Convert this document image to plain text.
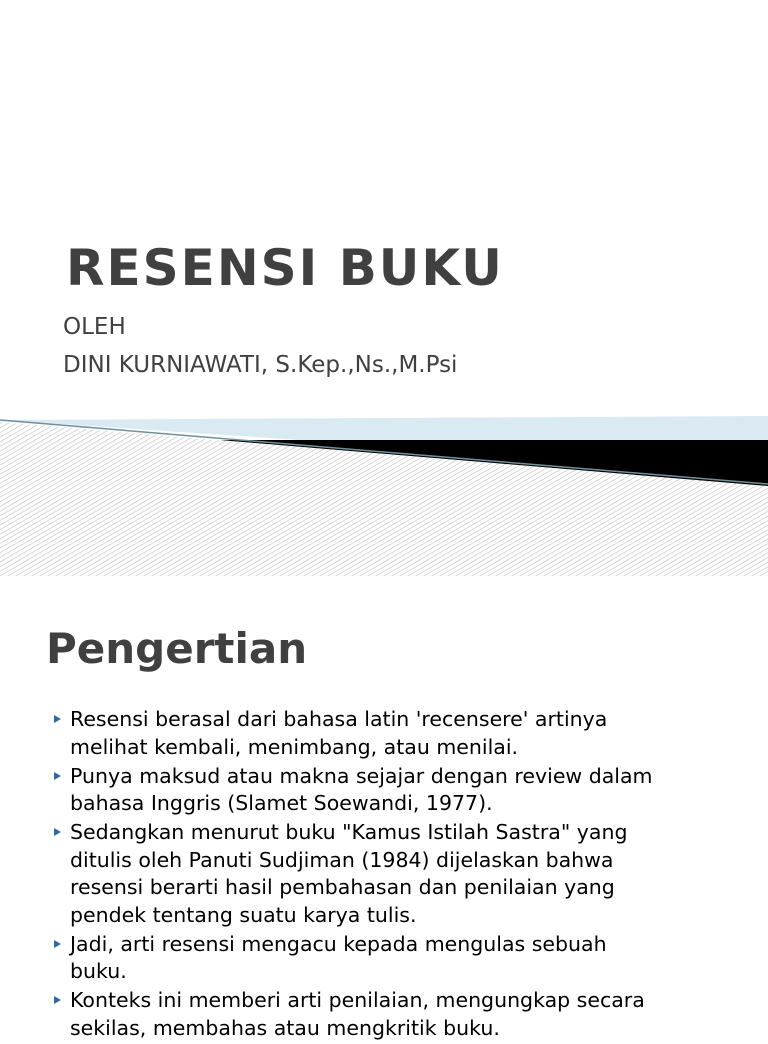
RESENSI BUKU
OLEH
DINI KURNIAWATI, S.Kep.,Ns.,M.Psi
Pengertian
Resensi berasal dari bahasa latin 'recensere' artinya
melihat kembali, menimbang, atau menilai.
Punya maksud atau makna sejajar dengan review dalam
bahasa Inggris (Slamet Soewandi, 1977).
Sedangkan menurut buku "Kamus Istilah Sastra" yang
ditulis oleh Panuti Sudjiman (1984) dijelaskan bahwa
resensi berarti hasil pembahasan dan penilaian yang
pendek tentang suatu karya tulis.
Jadi, arti resensi mengacu kepada mengulas sebuah
buku.
Konteks ini memberi arti penilaian, mengungkap secara
sekilas, membahas atau mengkritik buku.
